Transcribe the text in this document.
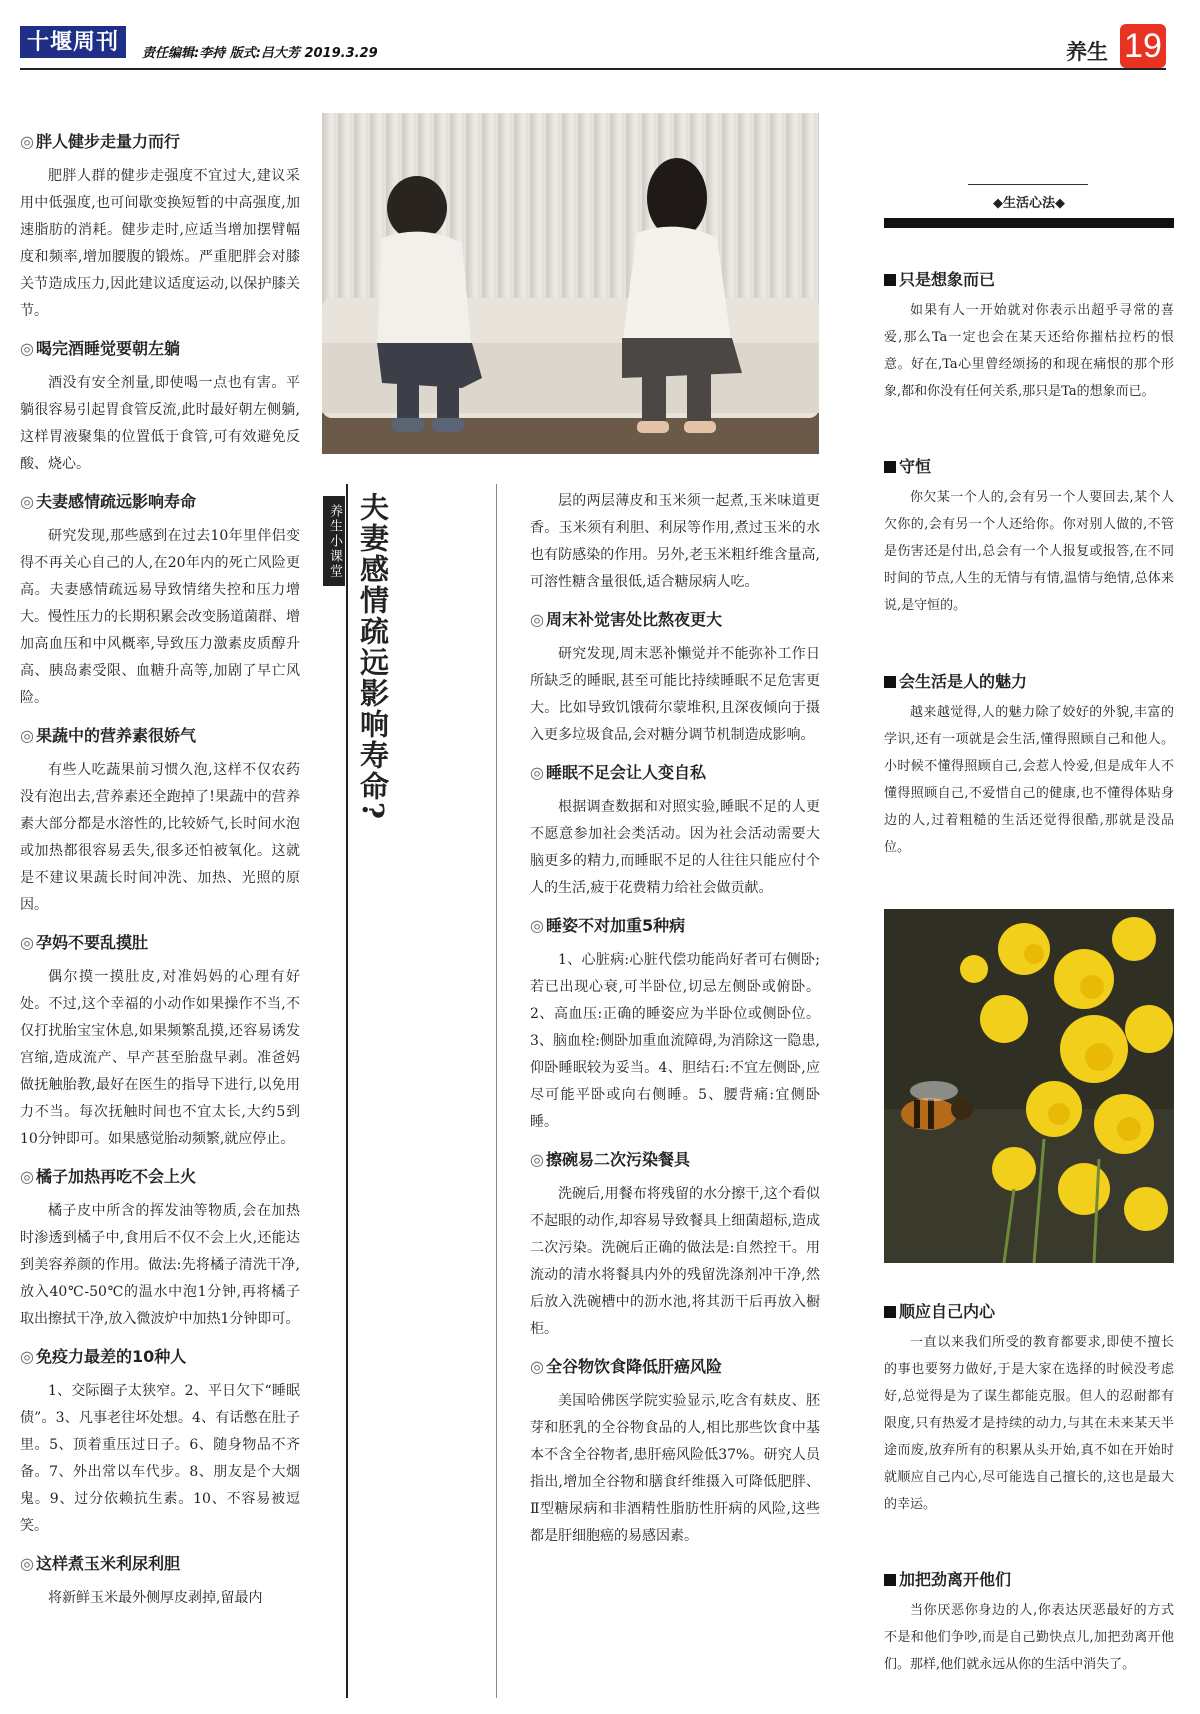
十堰周刊	责任编辑:李持 版式:吕大芳 2019.3.29	养生 19
◎ 胖人健步走量力而行

肥胖人群的健步走强度不宜过大,建议采用中低强度,也可间歇变换短暂的中高强度,加速脂肪的消耗。健步走时,应适当增加摆臂幅度和频率,增加腰腹的锻炼。严重肥胖会对膝关节造成压力,因此建议适度运动,以保护膝关节。

◎ 喝完酒睡觉要朝左躺

酒没有安全剂量,即使喝一点也有害。平躺很容易引起胃食管反流,此时最好朝左侧躺,这样胃液聚集的位置低于食管,可有效避免反酸、烧心。

◎ 夫妻感情疏远影响寿命

研究发现,那些感到在过去10年里伴侣变得不再关心自己的人,在20年内的死亡风险更高。夫妻感情疏远易导致情绪失控和压力增大。慢性压力的长期积累会改变肠道菌群、增加高血压和中风概率,导致压力激素皮质醇升高、胰岛素受限、血糖升高等,加剧了早亡风险。

◎ 果蔬中的营养素很娇气

有些人吃蔬果前习惯久泡,这样不仅农药没有泡出去,营养素还全跑掉了!果蔬中的营养素大部分都是水溶性的,比较娇气,长时间水泡或加热都很容易丢失,很多还怕被氧化。这就是不建议果蔬长时间冲洗、加热、光照的原因。

◎ 孕妈不要乱摸肚

偶尔摸一摸肚皮,对准妈妈的心理有好处。不过,这个幸福的小动作如果操作不当,不仅打扰胎宝宝休息,如果频繁乱摸,还容易诱发宫缩,造成流产、早产甚至胎盘早剥。准爸妈做抚触胎教,最好在医生的指导下进行,以免用力不当。每次抚触时间也不宜太长,大约5到10分钟即可。如果感觉胎动频繁,就应停止。

◎ 橘子加热再吃不会上火

橘子皮中所含的挥发油等物质,会在加热时渗透到橘子中,食用后不仅不会上火,还能达到美容养颜的作用。做法:先将橘子清洗干净,放入40℃-50℃的温水中泡1分钟,再将橘子取出擦拭干净,放入微波炉中加热1分钟即可。

◎ 免疫力最差的10种人

1、交际圈子太狭窄。2、平日欠下“睡眠债”。3、凡事老往坏处想。4、有话憋在肚子里。5、顶着重压过日子。6、随身物品不齐备。7、外出常以车代步。8、朋友是个大烟鬼。9、过分依赖抗生素。10、不容易被逗笑。

◎ 这样煮玉米利尿利胆

将新鲜玉米最外侧厚皮剥掉,留最内

养生小课堂 夫妻感情疏远影响寿命?	层的两层薄皮和玉米须一起煮,玉米味道更香。玉米须有利胆、利尿等作用,煮过玉米的水也有防感染的作用。另外,老玉米粗纤维含量高,可溶性糖含量很低,适合糖尿病人吃。

◎ 周末补觉害处比熬夜更大

研究发现,周末恶补懒觉并不能弥补工作日所缺乏的睡眠,甚至可能比持续睡眠不足危害更大。比如导致饥饿荷尔蒙堆积,且深夜倾向于摄入更多垃圾食品,会对糖分调节机制造成影响。

◎ 睡眠不足会让人变自私

根据调查数据和对照实验,睡眠不足的人更不愿意参加社会类活动。因为社会活动需要大脑更多的精力,而睡眠不足的人往往只能应付个人的生活,疲于花费精力给社会做贡献。

◎ 睡姿不对加重5种病

1、心脏病:心脏代偿功能尚好者可右侧卧;若已出现心衰,可半卧位,切忌左侧卧或俯卧。2、高血压:正确的睡姿应为半卧位或侧卧位。3、脑血栓:侧卧加重血流障碍,为消除这一隐患,仰卧睡眠较为妥当。4、胆结石:不宜左侧卧,应尽可能平卧或向右侧睡。5、腰背痛:宜侧卧睡。

◎ 擦碗易二次污染餐具

洗碗后,用餐布将残留的水分擦干,这个看似不起眼的动作,却容易导致餐具上细菌超标,造成二次污染。洗碗后正确的做法是:自然控干。用流动的清水将餐具内外的残留洗涤剂冲干净,然后放入洗碗槽中的沥水池,将其沥干后再放入橱柜。

◎ 全谷物饮食降低肝癌风险

美国哈佛医学院实验显示,吃含有麸皮、胚芽和胚乳的全谷物食品的人,相比那些饮食中基本不含全谷物者,患肝癌风险低37%。研究人员指出,增加全谷物和膳食纤维摄入可降低肥胖、Ⅱ型糖尿病和非酒精性脂肪性肝病的风险,这些都是肝细胞癌的易感因素。

◆生活心法◆
只是想象而已

如果有人一开始就对你表示出超乎寻常的喜爱,那么Ta一定也会在某天还给你摧枯拉朽的恨意。好在,Ta心里曾经颂扬的和现在痛恨的那个形象,都和你没有任何关系,那只是Ta的想象而已。

守恒

你欠某一个人的,会有另一个人要回去,某个人欠你的,会有另一个人还给你。你对别人做的,不管是伤害还是付出,总会有一个人报复或报答,在不同时间的节点,人生的无情与有情,温情与绝情,总体来说,是守恒的。

会生活是人的魅力

越来越觉得,人的魅力除了姣好的外貌,丰富的学识,还有一项就是会生活,懂得照顾自己和他人。小时候不懂得照顾自己,会惹人怜爱,但是成年人不懂得照顾自己,不爱惜自己的健康,也不懂得体贴身边的人,过着粗糙的生活还觉得很酷,那就是没品位。

顺应自己内心

一直以来我们所受的教育都要求,即使不擅长的事也要努力做好,于是大家在选择的时候没考虑好,总觉得是为了谋生都能克服。但人的忍耐都有限度,只有热爱才是持续的动力,与其在未来某天半途而废,放弃所有的积累从头开始,真不如在开始时就顺应自己内心,尽可能选自己擅长的,这也是最大的幸运。

加把劲离开他们

当你厌恶你身边的人,你表达厌恶最好的方式不是和他们争吵,而是自己勤快点儿,加把劲离开他们。那样,他们就永远从你的生活中消失了。
